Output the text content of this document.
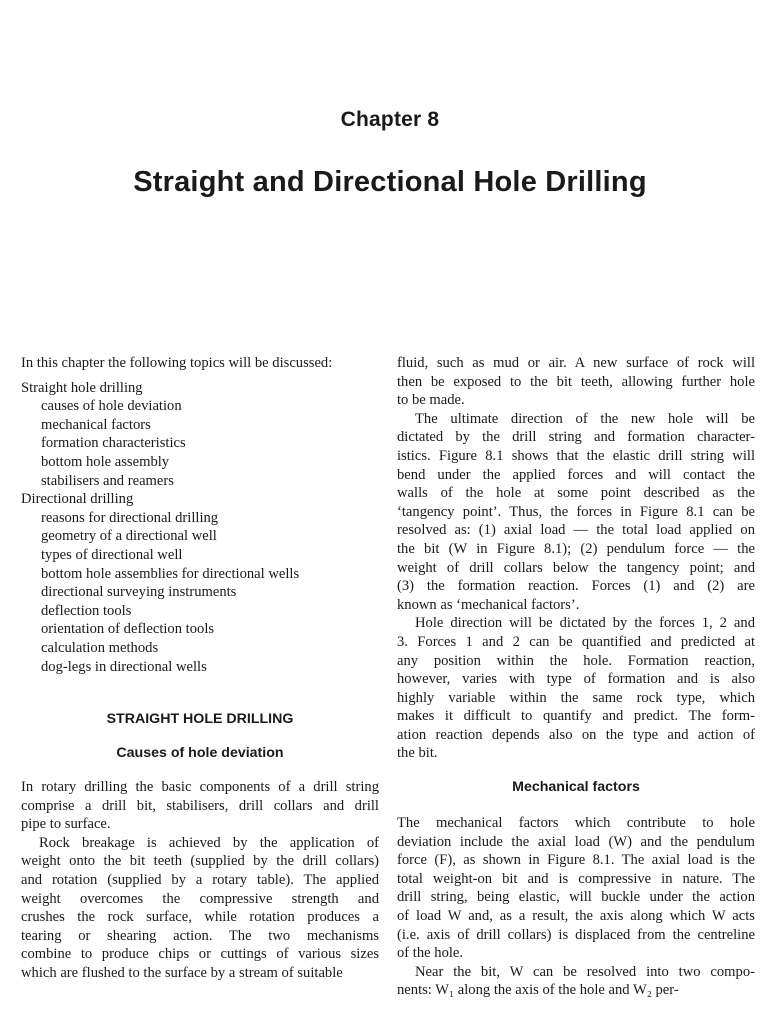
Chapter 8
Straight and Directional Hole Drilling
In this chapter the following topics will be discussed:
Straight hole drilling
causes of hole deviation
mechanical factors
formation characteristics
bottom hole assembly
stabilisers and reamers
Directional drilling
reasons for directional drilling
geometry of a directional well
types of directional well
bottom hole assemblies for directional wells
directional surveying instruments
deflection tools
orientation of deflection tools
calculation methods
dog-legs in directional wells
STRAIGHT HOLE DRILLING
Causes of hole deviation
In rotary drilling the basic components of a drill string
comprise a drill bit, stabilisers, drill collars and drill
pipe to surface.
Rock breakage is achieved by the application of
weight onto the bit teeth (supplied by the drill collars)
and rotation (supplied by a rotary table). The applied
weight overcomes the compressive strength and
crushes the rock surface, while rotation produces a
tearing or shearing action. The two mechanisms
combine to produce chips or cuttings of various sizes
which are flushed to the surface by a stream of suitable
fluid, such as mud or air. A new surface of rock will
then be exposed to the bit teeth, allowing further hole
to be made.
The ultimate direction of the new hole will be
dictated by the drill string and formation character-
istics. Figure 8.1 shows that the elastic drill string will
bend under the applied forces and will contact the
walls of the hole at some point described as the
‘tangency point’. Thus, the forces in Figure 8.1 can be
resolved as: (1) axial load — the total load applied on
the bit (W in Figure 8.1); (2) pendulum force — the
weight of drill collars below the tangency point; and
(3) the formation reaction. Forces (1) and (2) are
known as ‘mechanical factors’.
Hole direction will be dictated by the forces 1, 2 and
3. Forces 1 and 2 can be quantified and predicted at
any position within the hole. Formation reaction,
however, varies with type of formation and is also
highly variable within the same rock type, which
makes it difficult to quantify and predict. The form-
ation reaction depends also on the type and action of
the bit.
Mechanical factors
The mechanical factors which contribute to hole
deviation include the axial load (W) and the pendulum
force (F), as shown in Figure 8.1. The axial load is the
total weight-on bit and is compressive in nature. The
drill string, being elastic, will buckle under the action
of load W and, as a result, the axis along which W acts
(i.e. axis of drill collars) is displaced from the centreline
of the hole.
Near the bit, W can be resolved into two compo-
nents: W₁ along the axis of the hole and W₂ per-
